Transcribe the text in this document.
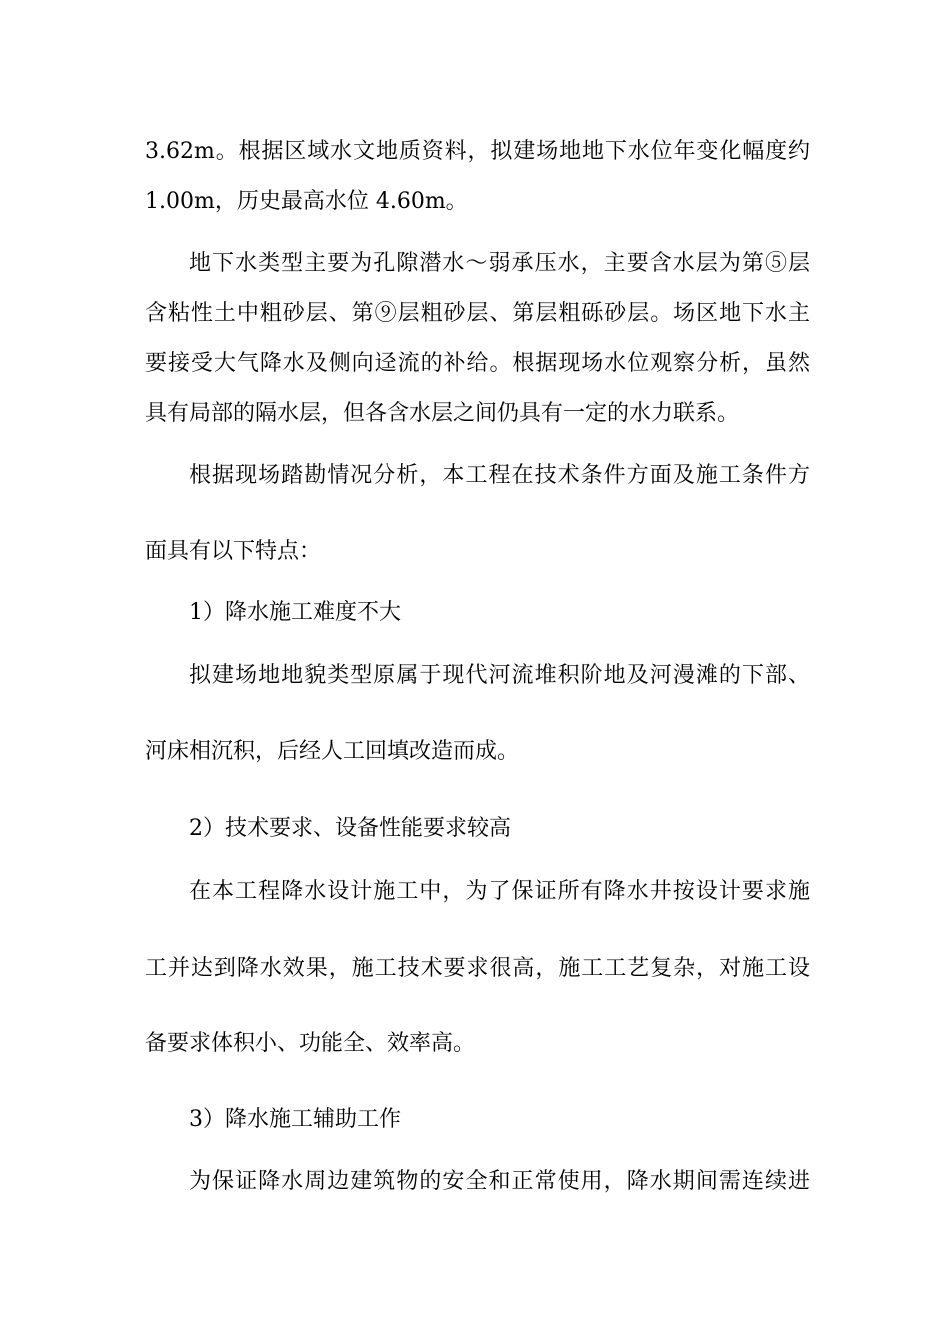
3.62m。根据区域水文地质资料，拟建场地地下水位年变化幅度约
1.00m，历史最高水位 4.60m。
地下水类型主要为孔隙潜水～弱承压水，主要含水层为第⑤层
含粘性土中粗砂层、第⑨层粗砂层、第层粗砾砂层。场区地下水主
要接受大气降水及侧向迳流的补给。根据现场水位观察分析，虽然
具有局部的隔水层，但各含水层之间仍具有一定的水力联系。
根据现场踏勘情况分析，本工程在技术条件方面及施工条件方
面具有以下特点：
1）降水施工难度不大
拟建场地地貌类型原属于现代河流堆积阶地及河漫滩的下部、
河床相沉积，后经人工回填改造而成。
2）技术要求、设备性能要求较高
在本工程降水设计施工中，为了保证所有降水井按设计要求施
工并达到降水效果，施工技术要求很高，施工工艺复杂，对施工设
备要求体积小、功能全、效率高。
3）降水施工辅助工作
为保证降水周边建筑物的安全和正常使用，降水期间需连续进
